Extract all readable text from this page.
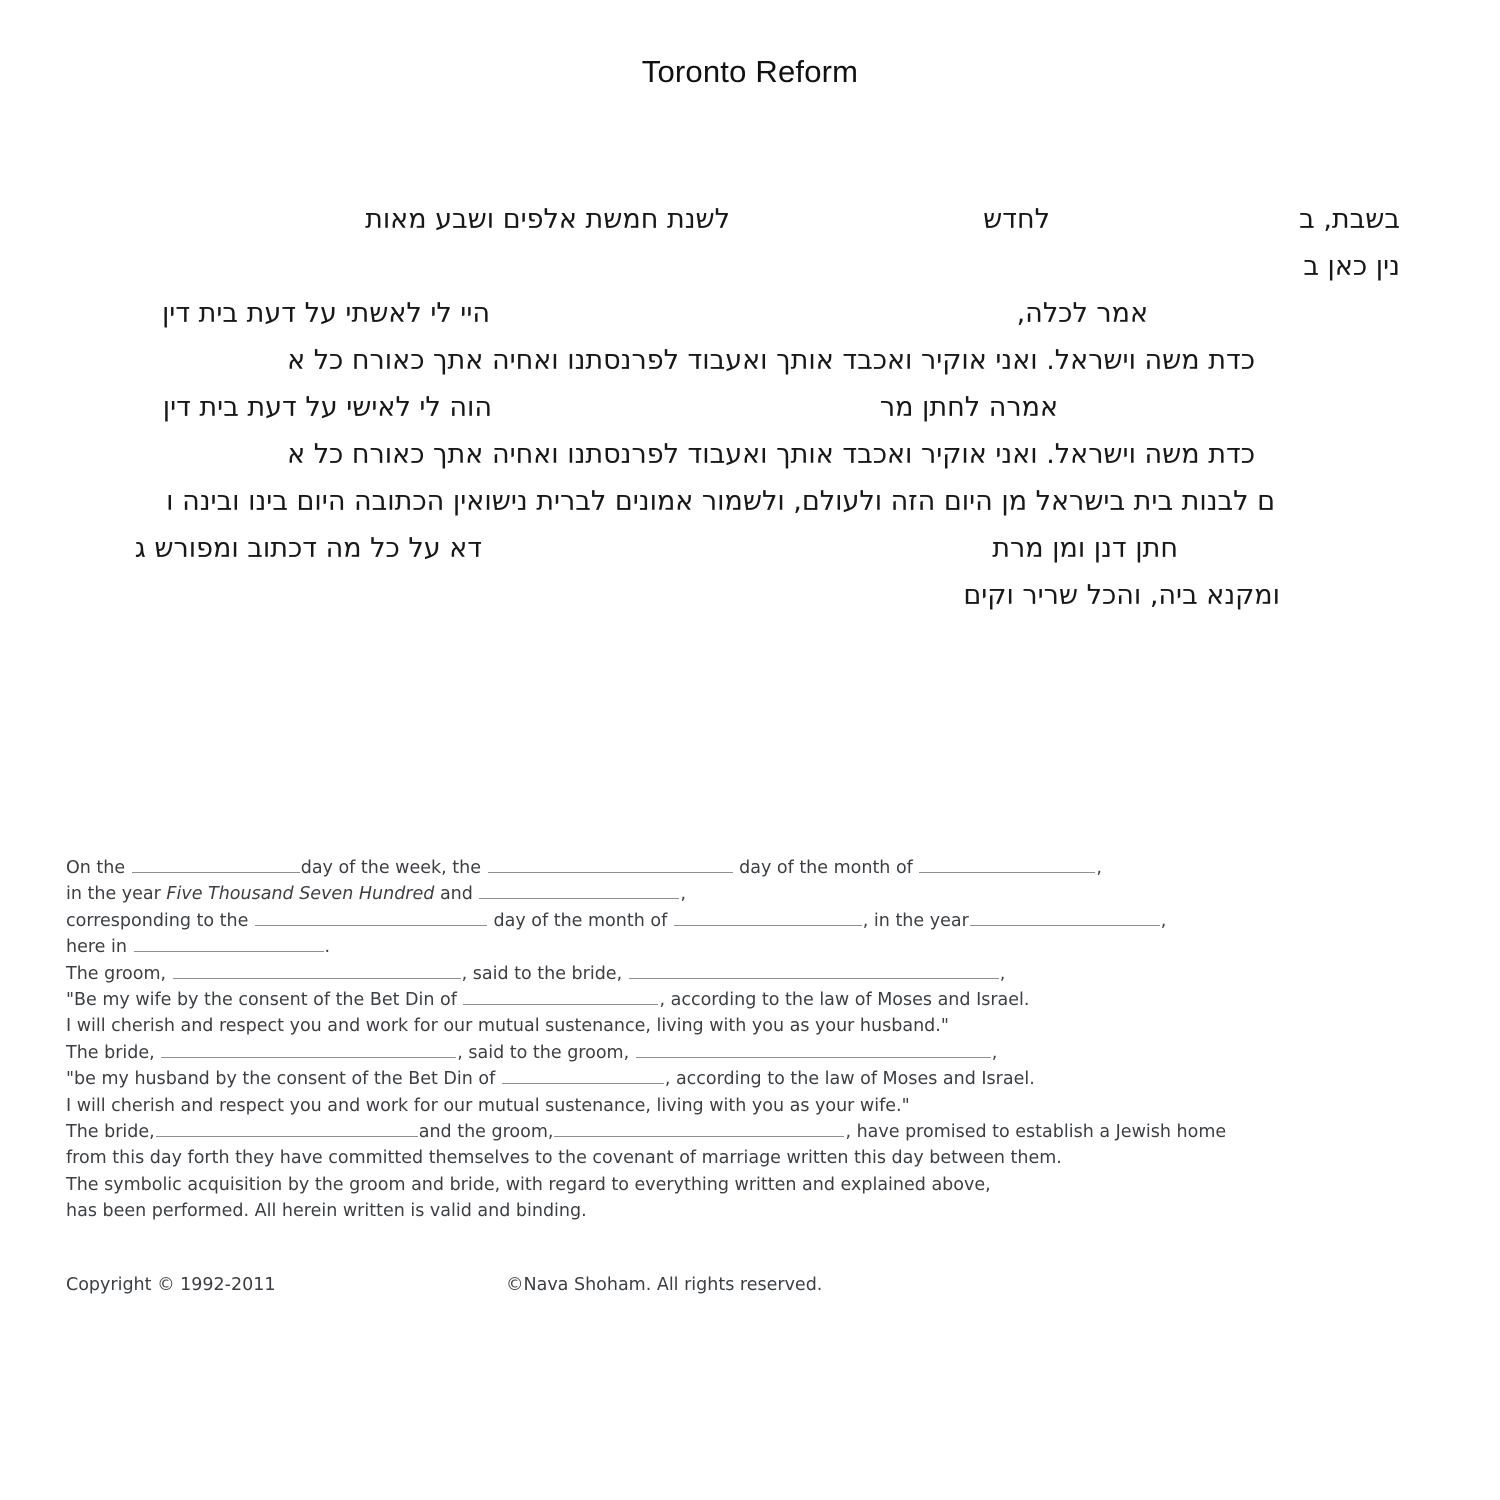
Toronto Reform
בשבת, ב
לחדש
לשנת חמשת אלפים ושבע מאות
נין כאן ב
אמר לכלה,
היי לי לאשתי על דעת בית דין
כדת משה וישראל. ואני אוקיר ואכבד אותך ואעבוד לפרנסתנו ואחיה אתך כאורח כל א
אמרה לחתן מר
הוה לי לאישי על דעת בית דין
כדת משה וישראל. ואני אוקיר ואכבד אותך ואעבוד לפרנסתנו ואחיה אתך כאורח כל א
ם לבנות בית בישראל מן היום הזה ולעולם, ולשמור אמונים לברית נישואין הכתובה היום בינו ובינה ו
חתן דנן ומן מרת
דא על כל מה דכתוב ומפורש ג
ומקנא ביה, והכל שריר וקים
On the	day of the week, the	day of the month of	,
in the year Five Thousand Seven Hundred and	,
corresponding to the	day of the month of	, in the year	,
here in	.
The groom,	, said to the bride,	,
"Be my wife by the consent of the Bet Din of	, according to the law of Moses and Israel.
I will cherish and respect you and work for our mutual sustenance, living with you as your husband."
The bride,	, said to the groom,	,
"be my husband by the consent of the Bet Din of	, according to the law of Moses and Israel.
I will cherish and respect you and work for our mutual sustenance, living with you as your wife."
The bride,	and the groom,	, have promised to establish a Jewish home
from this day forth they have committed themselves to the covenant of marriage written this day between them.
The symbolic acquisition by the groom and bride, with regard to everything written and explained above,
has been performed. All herein written is valid and binding.
Copyright © 1992-2011	©Nava Shoham. All rights reserved.
